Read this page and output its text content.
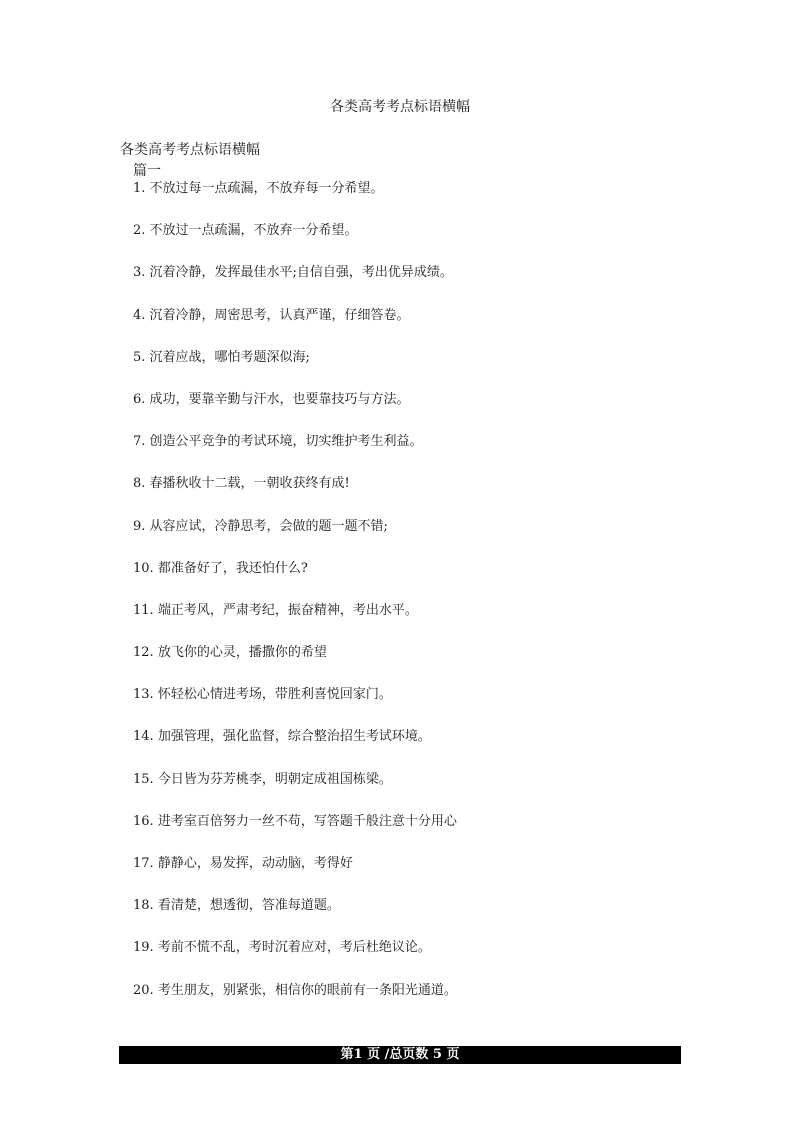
各类高考考点标语横幅
各类高考考点标语横幅
篇一
1 . 不放过每一点疏漏，不放弃每一分希望。
2 . 不放过一点疏漏，不放弃一分希望。
3 . 沉着冷静，发挥最佳水平;自信自强，考出优异成绩。
4 . 沉着冷静，周密思考，认真严谨，仔细答卷。
5 . 沉着应战，哪怕考题深似海;
6 . 成功，要靠辛勤与汗水，也要靠技巧与方法。
7 . 创造公平竞争的考试环境，切实维护考生利益。
8 . 春播秋收十二载，一朝收获终有成!
9 . 从容应试，冷静思考，会做的题一题不错;
10 . 都准备好了，我还怕什么?
11 . 端正考风，严肃考纪，振奋精神，考出水平。
12 . 放飞你的心灵，播撒你的希望
13 . 怀轻松心情进考场，带胜利喜悦回家门。
14 . 加强管理，强化监督，综合整治招生考试环境。
15 . 今日皆为芬芳桃李，明朝定成祖国栋梁。
16 . 进考室百倍努力一丝不苟，写答题千般注意十分用心
17 . 静静心，易发挥，动动脑，考得好
18 . 看清楚，想透彻，答准每道题。
19 . 考前不慌不乱，考时沉着应对，考后杜绝议论。
20 . 考生朋友，别紧张，相信你的眼前有一条阳光通道。
第1 页 /总页数 5 页
